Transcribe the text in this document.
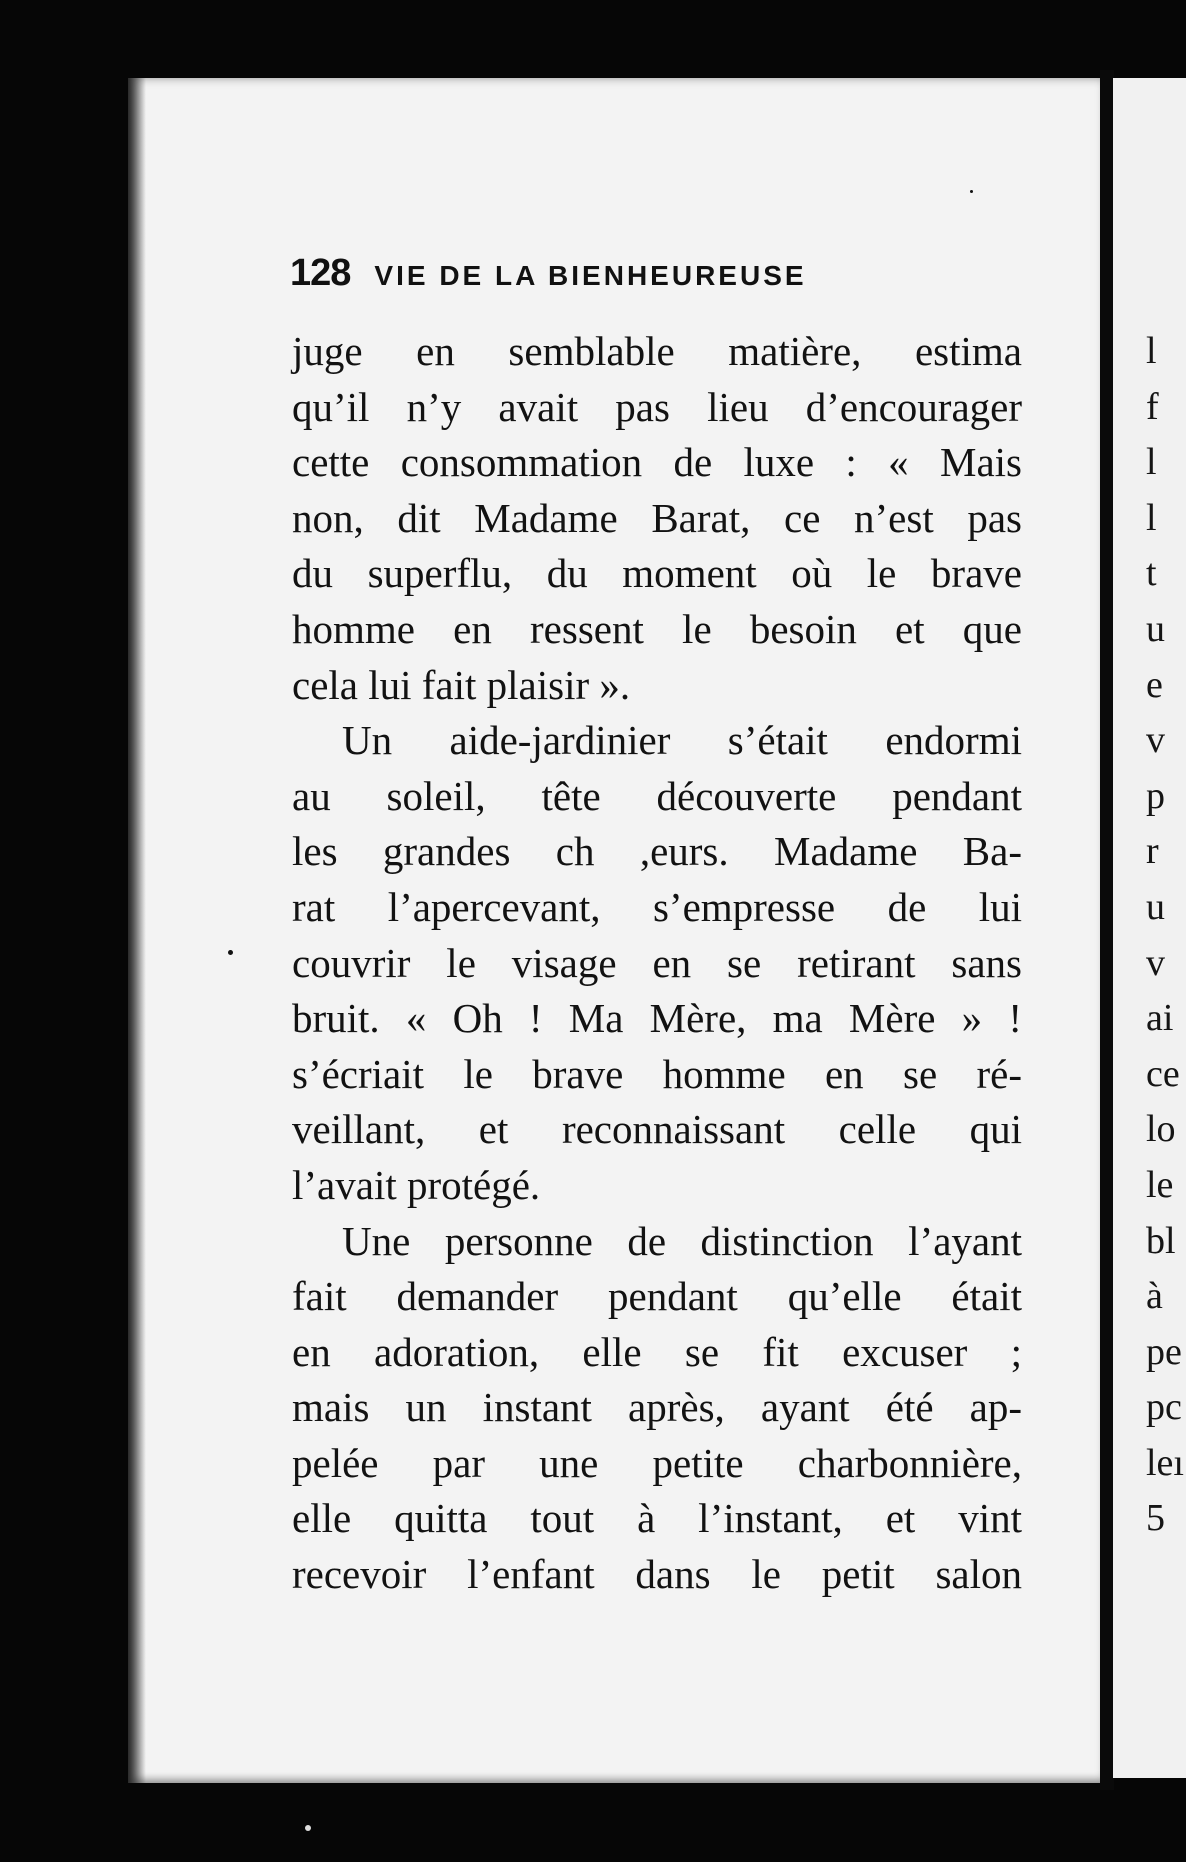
128 VIE DE LA BIENHEUREUSE
juge en semblable matière, estima
qu’il n’y avait pas lieu d’encourager
cette consommation de luxe : « Mais
non, dit Madame Barat, ce n’est pas
du superflu, du moment où le brave
homme en ressent le besoin et que
cela lui fait plaisir ».
Un aide-jardinier s’était endormi
au soleil, tête découverte pendant
les grandes ch ,eurs. Madame Ba-
rat l’apercevant, s’empresse de lui
couvrir le visage en se retirant sans
bruit. « Oh ! Ma Mère, ma Mère » !
s’écriait le brave homme en se ré-
veillant, et reconnaissant celle qui
l’avait protégé.
Une personne de distinction l’ayant
fait demander pendant qu’elle était
en adoration, elle se fit excuser ;
mais un instant après, ayant été ap-
pelée par une petite charbonnière,
elle quitta tout à l’instant, et vint
recevoir l’enfant dans le petit salon
l
f
l
l
t
u
e
v
p
r
u
v
ai
ce
lo
le
bl
à
pe
pc
leı
5
